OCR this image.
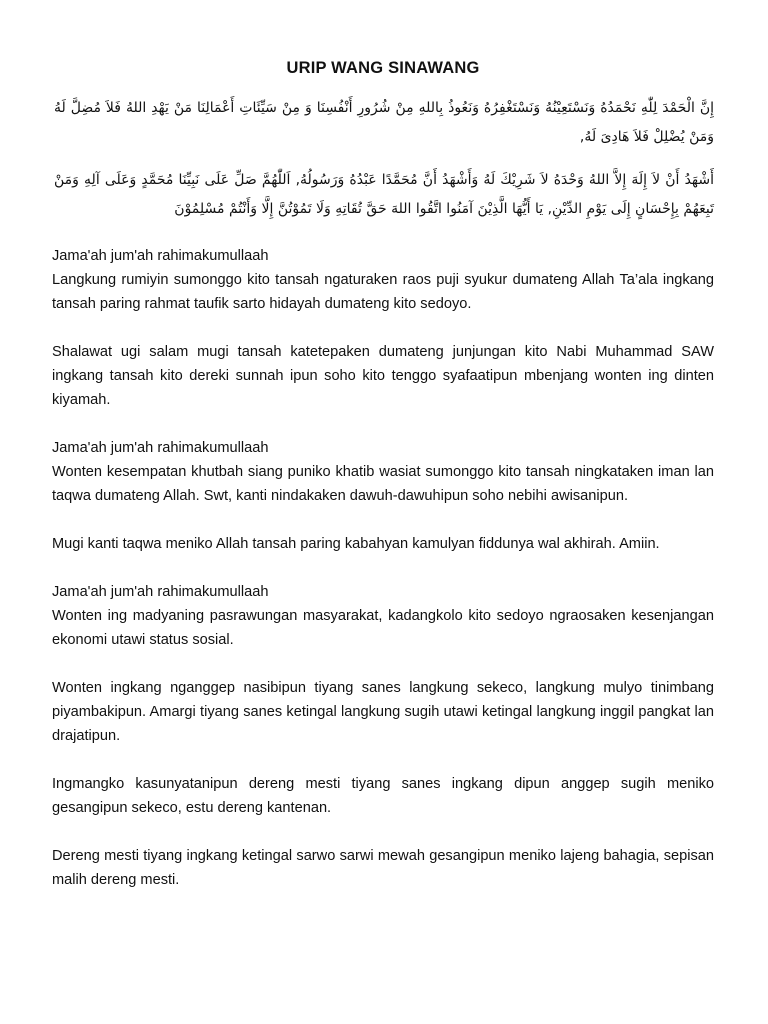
URIP WANG SINAWANG

إِنَّ الْحَمْدَ لِلّٰهِ نَحْمَدُهُ وَنَسْتَعِيْنُهُ وَنَسْتَغْفِرُهُ وَنَعُوذُ بِاللهِ مِنْ شُرُورِ أَنْفُسِنَا وَ مِنْ سَيِّئَاتِ أَعْمَالِنَا مَنْ يَهْدِ اللهُ فَلاَ مُضِلَّ لَهُ وَمَنْ يُضْلِلْ فَلاَ هَادِىَ لَهُ,

أَشْهَدُ أَنْ لاَ إِلَهَ إِلاَّ اللهُ وَحْدَهُ لاَ شَرِيْكَ لَهُ وَأَشْهَدُ أَنَّ مُحَمَّدًا عَبْدُهُ وَرَسُولُهُ, اَللّٰهُمَّ صَلِّ عَلَى نَبِيِّنَا مُحَمَّدٍ وَعَلَى آلِهِ وَمَنْ تَبِعَهُمْ بِإِحْسَانٍ إِلَى يَوْمِ الدِّيْنِ, يَا أَيُّهَا الَّذِيْنَ آمَنُوا اتَّقُوا اللهَ حَقَّ تُقَاتِهِ وَلَا تَمُوْتُنَّ إِلَّا وَأَنْتُمْ مُسْلِمُوْنَ

Jama'ah jum'ah rahimakumullaah

Langkung rumiyin sumonggo kito tansah ngaturaken raos puji syukur dumateng Allah Ta’ala ingkang tansah paring rahmat taufik sarto hidayah dumateng kito sedoyo.

Shalawat ugi salam mugi tansah katetepaken dumateng junjungan kito Nabi Muhammad SAW ingkang tansah kito dereki sunnah ipun soho kito tenggo syafaatipun mbenjang wonten ing dinten kiyamah.

Jama'ah jum'ah rahimakumullaah

Wonten kesempatan khutbah siang puniko khatib wasiat sumonggo kito tansah ningkataken iman lan taqwa dumateng Allah. Swt, kanti nindakaken dawuh-dawuhipun soho nebihi awisanipun.

Mugi kanti taqwa meniko Allah tansah paring kabahyan kamulyan fiddunya wal akhirah. Amiin.

Jama'ah jum'ah rahimakumullaah

Wonten ing madyaning pasrawungan masyarakat, kadangkolo kito sedoyo ngraosaken kesenjangan ekonomi utawi status sosial.

Wonten ingkang nganggep nasibipun tiyang sanes langkung sekeco, langkung mulyo tinimbang piyambakipun. Amargi tiyang sanes ketingal langkung sugih utawi ketingal langkung inggil pangkat lan drajatipun.

Ingmangko kasunyatanipun dereng mesti tiyang sanes ingkang dipun anggep sugih meniko gesangipun sekeco, estu dereng kantenan.

Dereng mesti tiyang ingkang ketingal sarwo sarwi mewah gesangipun meniko lajeng bahagia, sepisan malih dereng mesti.
